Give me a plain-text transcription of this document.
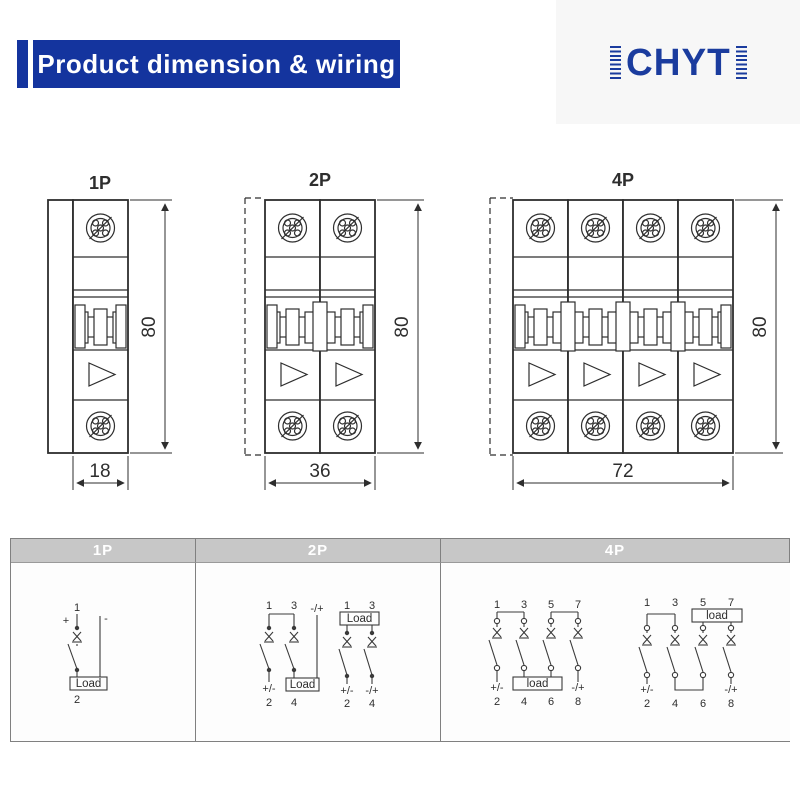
Product dimension & wiring	CHYT
1P
80
18
2P
80
36
4P
80
72
1P	2P	4P
1
+	-
Load
2
1 3 -/+
+/- Load
2 4
1 3
Load
+/- -/+
2 4
1 3 5 7
+/- load -/+
2 4 6 8
1 3 5 7
load
+/-	-/+
2 4 6 8
